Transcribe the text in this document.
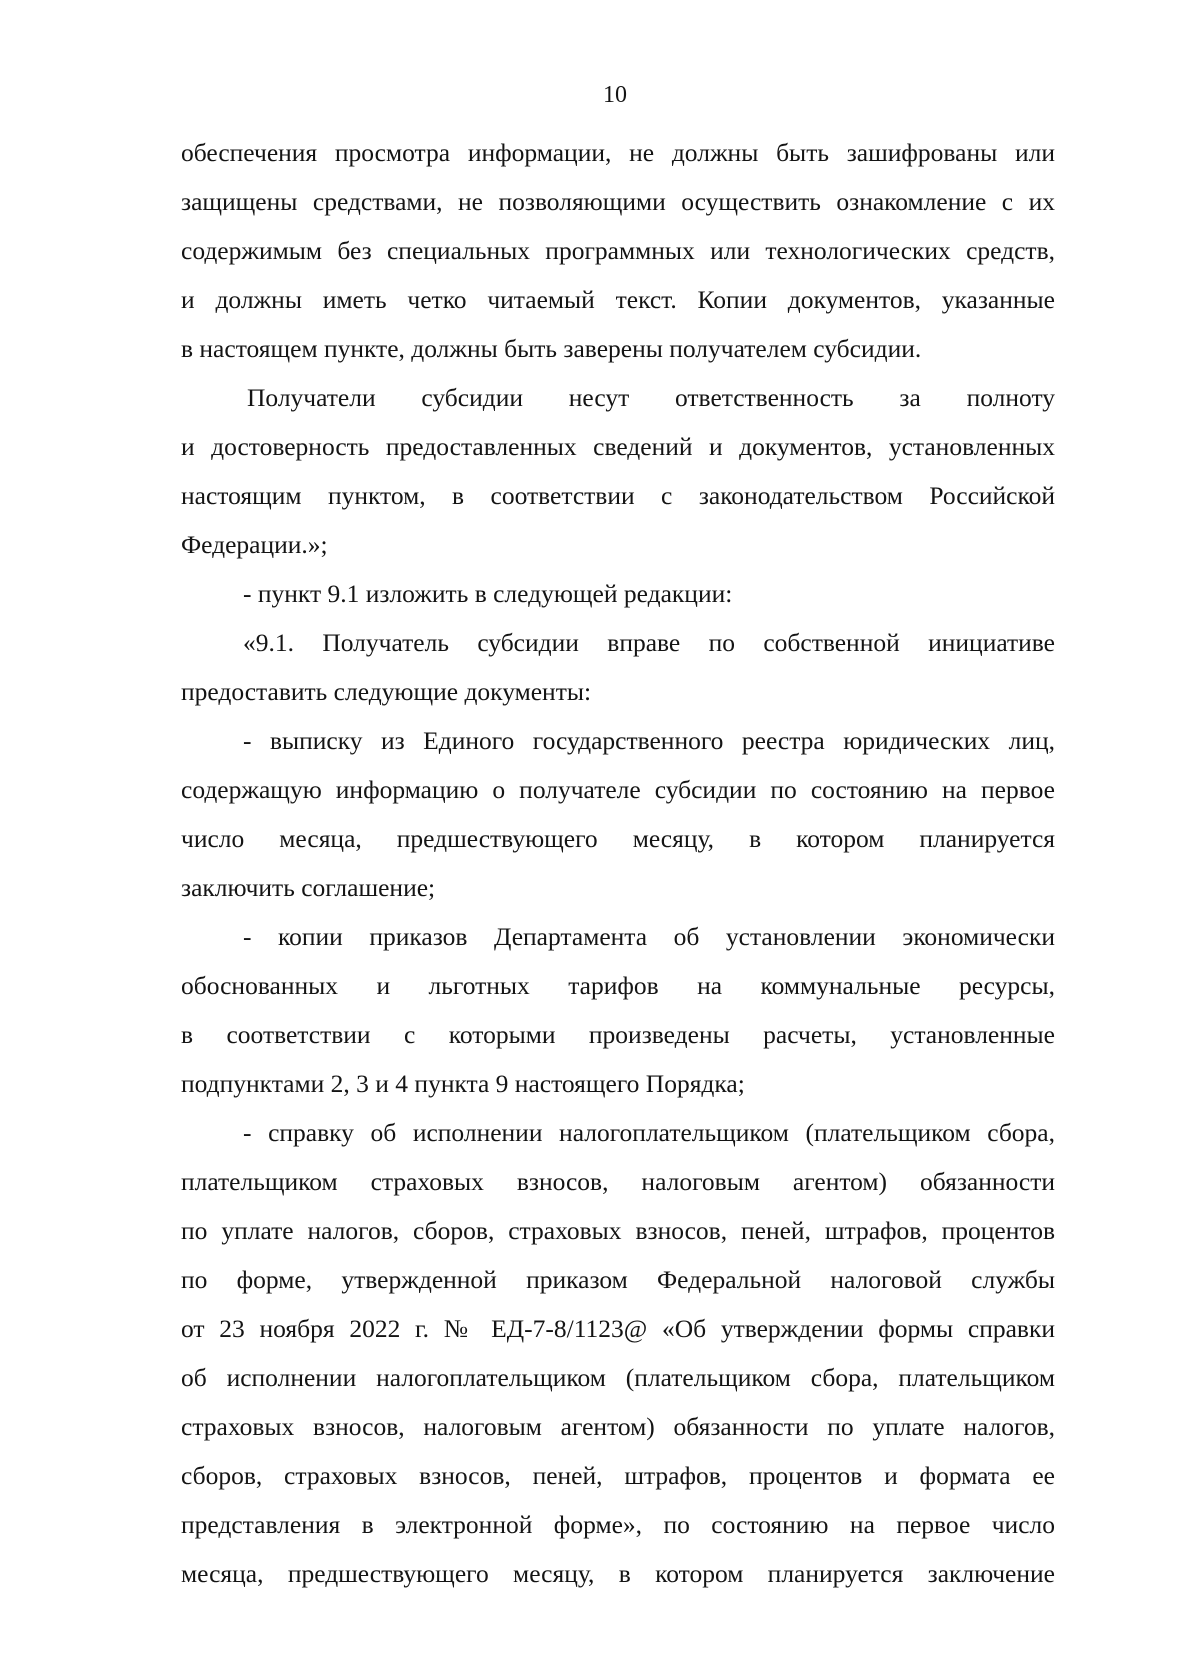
10
обеспечения просмотра информации, не должны быть зашифрованы или
защищены средствами, не позволяющими осуществить ознакомление с их
содержимым без специальных программных или технологических средств,
и должны иметь четко читаемый текст. Копии документов, указанные
в настоящем пункте, должны быть заверены получателем субсидии.
Получатели субсидии несут ответственность за полноту
и достоверность предоставленных сведений и документов, установленных
настоящим пунктом, в соответствии с законодательством Российской
Федерации.»;
- пункт 9.1 изложить в следующей редакции:
«9.1. Получатель субсидии вправе по собственной инициативе
предоставить следующие документы:
- выписку из Единого государственного реестра юридических лиц,
содержащую информацию о получателе субсидии по состоянию на первое
число месяца, предшествующего месяцу, в котором планируется
заключить соглашение;
- копии приказов Департамента об установлении экономически
обоснованных и льготных тарифов на коммунальные ресурсы,
в соответствии с которыми произведены расчеты, установленные
подпунктами 2, 3 и 4 пункта 9 настоящего Порядка;
- справку об исполнении налогоплательщиком (плательщиком сбора,
плательщиком страховых взносов, налоговым агентом) обязанности
по уплате налогов, сборов, страховых взносов, пеней, штрафов, процентов
по форме, утвержденной приказом Федеральной налоговой службы
от 23 ноября 2022 г. № ЕД-7-8/1123@ «Об утверждении формы справки
об исполнении налогоплательщиком (плательщиком сбора, плательщиком
страховых взносов, налоговым агентом) обязанности по уплате налогов,
сборов, страховых взносов, пеней, штрафов, процентов и формата ее
представления в электронной форме», по состоянию на первое число
месяца, предшествующего месяцу, в котором планируется заключение
